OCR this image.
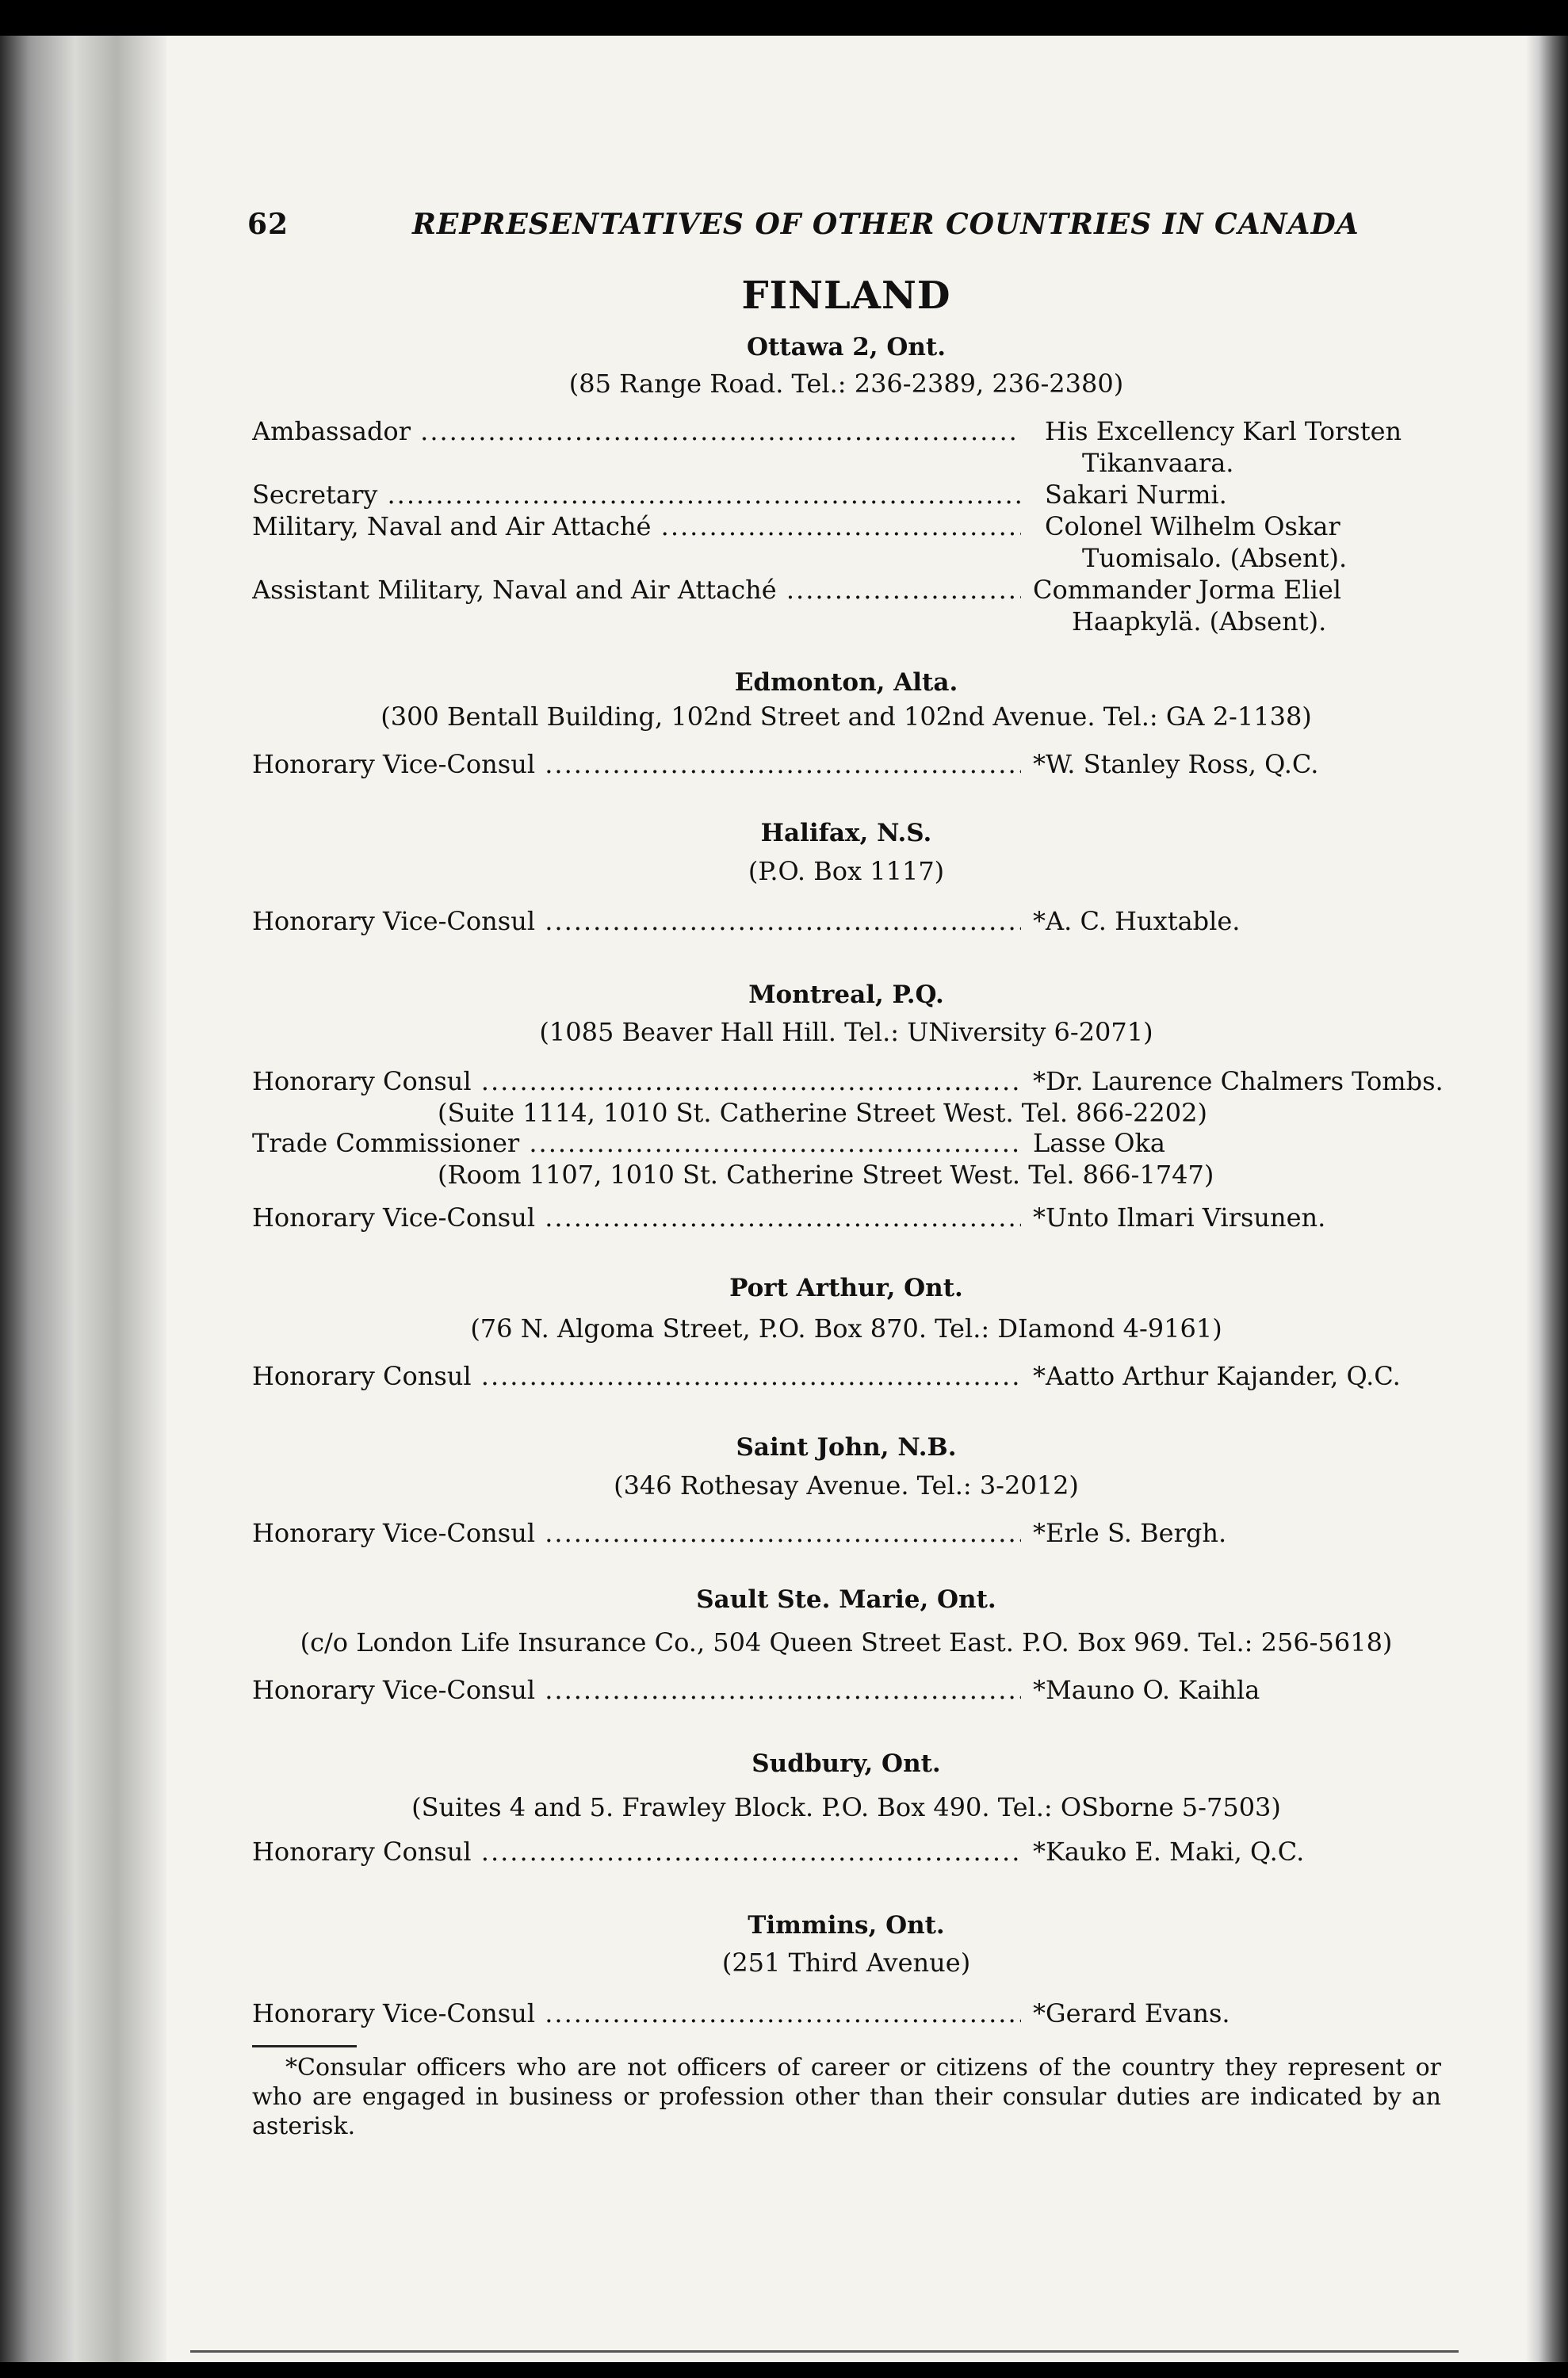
62	REPRESENTATIVES OF OTHER COUNTRIES IN CANADA
FINLAND
Ottawa 2, Ont.
(85 Range Road. Tel.: 236-2389, 236-2380)
Ambassador .....	His Excellency Karl Torsten
Tikanvaara.
Secretary .....	Sakari Nurmi.
Military, Naval and Air Attaché .....	Colonel Wilhelm Oskar
Tuomisalo. (Absent).
Assistant Military, Naval and Air Attaché .....	Commander Jorma Eliel
Haapkylä. (Absent).
Edmonton, Alta.
(300 Bentall Building, 102nd Street and 102nd Avenue. Tel.: GA 2-1138)
Honorary Vice-Consul .....	*W. Stanley Ross, Q.C.
Halifax, N.S.
(P.O. Box 1117)
Honorary Vice-Consul .....	*A. C. Huxtable.
Montreal, P.Q.
(1085 Beaver Hall Hill. Tel.: UNiversity 6-2071)
Honorary Consul .....	*Dr. Laurence Chalmers Tombs.
(Suite 1114, 1010 St. Catherine Street West. Tel. 866-2202)
Trade Commissioner .....	Lasse Oka
(Room 1107, 1010 St. Catherine Street West. Tel. 866-1747)
Honorary Vice-Consul .....	*Unto Ilmari Virsunen.
Port Arthur, Ont.
(76 N. Algoma Street, P.O. Box 870. Tel.: DIamond 4-9161)
Honorary Consul .....	*Aatto Arthur Kajander, Q.C.
Saint John, N.B.
(346 Rothesay Avenue. Tel.: 3-2012)
Honorary Vice-Consul .....	*Erle S. Bergh.
Sault Ste. Marie, Ont.
(c/o London Life Insurance Co., 504 Queen Street East. P.O. Box 969. Tel.: 256-5618)
Honorary Vice-Consul .....	*Mauno O. Kaihla
Sudbury, Ont.
(Suites 4 and 5. Frawley Block. P.O. Box 490. Tel.: OSborne 5-7503)
Honorary Consul .....	*Kauko E. Maki, Q.C.
Timmins, Ont.
(251 Third Avenue)
Honorary Vice-Consul .....	*Gerard Evans.
*Consular officers who are not officers of career or citizens of the country they represent or who are engaged in business or profession other than their consular duties are indicated by an asterisk.
